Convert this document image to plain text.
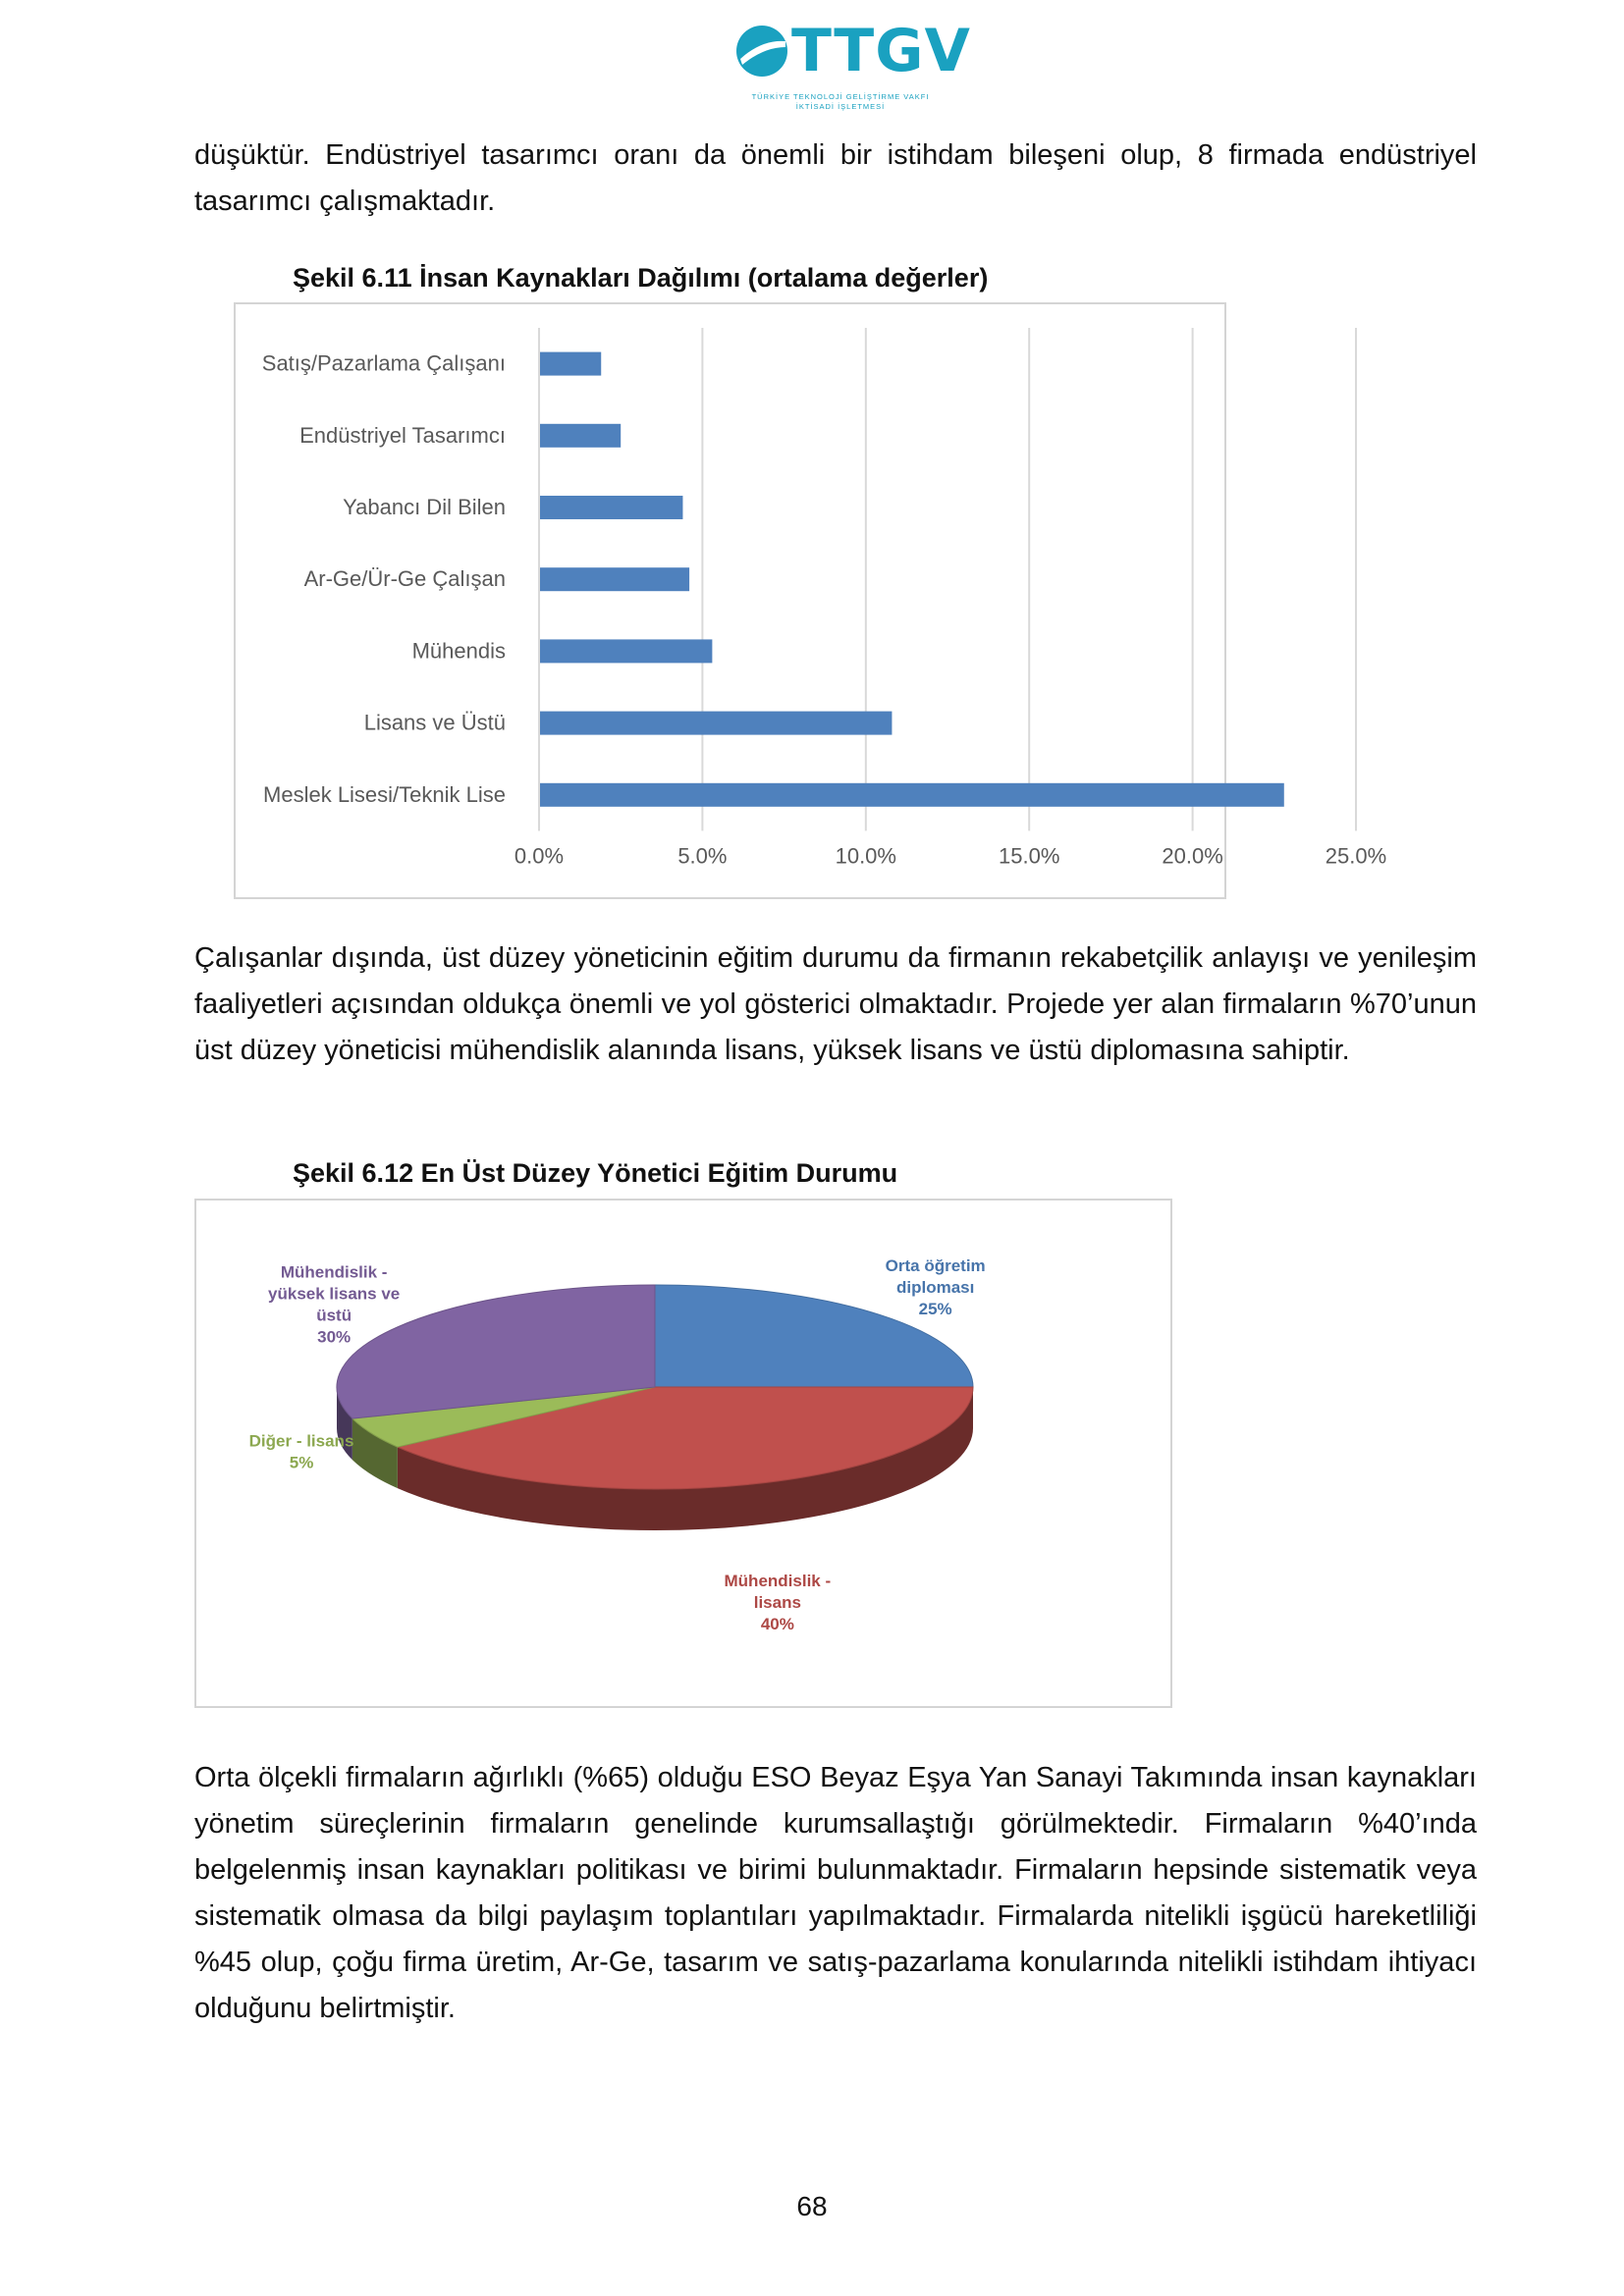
TTGV
TÜRKİYE TEKNOLOJİ GELİŞTİRME VAKFI
İKTİSADİ İŞLETMESİ

düşüktür. Endüstriyel tasarımcı oranı da önemli bir istihdam bileşeni olup, 8 firmada endüstriyel tasarımcı çalışmaktadır.

Şekil 6.11 İnsan Kaynakları Dağılımı (ortalama değerler)
0.0%	5.0%	10.0%	15.0%	20.0%	25.0%
Satış/Pazarlama Çalışanı
Endüstriyel Tasarımcı
Yabancı Dil Bilen
Ar-Ge/Ür-Ge Çalışan
Mühendis
Lisans ve Üstü
Meslek Lisesi/Teknik Lise

Çalışanlar dışında, üst düzey yöneticinin eğitim durumu da firmanın rekabetçilik anlayışı ve yenileşim faaliyetleri açısından oldukça önemli ve yol gösterici olmaktadır. Projede yer alan firmaların %70’unun üst düzey yöneticisi mühendislik alanında lisans, yüksek lisans ve üstü diplomasına sahiptir.

Şekil 6.12 En Üst Düzey Yönetici Eğitim Durumu
Orta öğretim diploması 25%
Mühendislik -lisans 40%
Diğer - lisans 5%
Mühendislik -yüksek lisans ve üstü 30%

Orta ölçekli firmaların ağırlıklı (%65) olduğu ESO Beyaz Eşya Yan Sanayi Takımında insan kaynakları yönetim süreçlerinin firmaların genelinde kurumsallaştığı görülmektedir. Firmaların %40’ında belgelenmiş insan kaynakları politikası ve birimi bulunmaktadır. Firmaların hepsinde sistematik veya sistematik olmasa da bilgi paylaşım toplantıları yapılmaktadır. Firmalarda nitelikli işgücü hareketliliği %45 olup, çoğu firma üretim, Ar-Ge, tasarım ve satış-pazarlama konularında nitelikli istihdam ihtiyacı olduğunu belirtmiştir.

68
